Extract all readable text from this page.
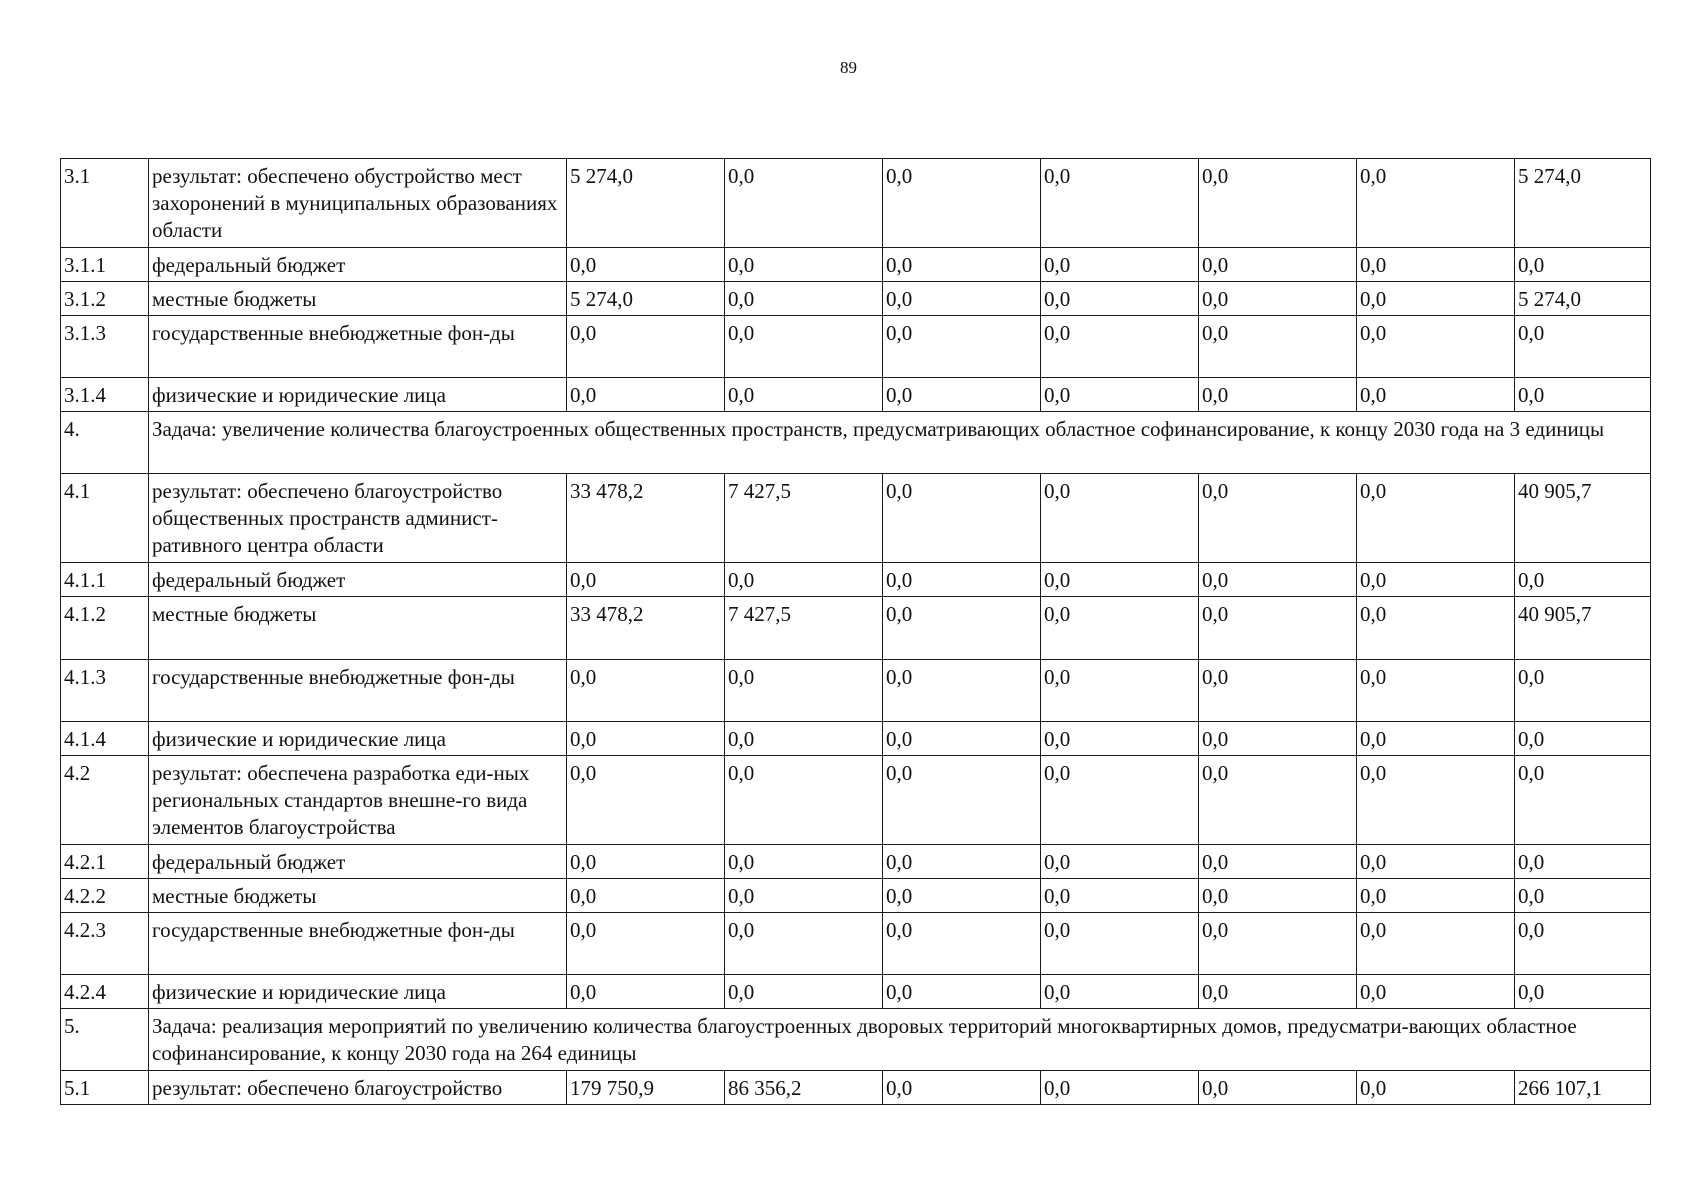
89
3.1	результат: обеспечено обустройство мест захоронений в муниципальных образованиях области	5 274,0	0,0	0,0	0,0	0,0	0,0	5 274,0
3.1.1	федеральный бюджет	0,0	0,0	0,0	0,0	0,0	0,0	0,0
3.1.2	местные бюджеты	5 274,0	0,0	0,0	0,0	0,0	0,0	5 274,0
3.1.3	государственные внебюджетные фон-ды	0,0	0,0	0,0	0,0	0,0	0,0	0,0
3.1.4	физические и юридические лица	0,0	0,0	0,0	0,0	0,0	0,0	0,0
4.	Задача: увеличение количества благоустроенных общественных пространств, предусматривающих областное софинансирование, к концу 2030 года на 3 единицы							
4.1	результат: обеспечено благоустройство общественных пространств админист-ративного центра области	33 478,2	7 427,5	0,0	0,0	0,0	0,0	40 905,7
4.1.1	федеральный бюджет	0,0	0,0	0,0	0,0	0,0	0,0	0,0
4.1.2	местные бюджеты	33 478,2	7 427,5	0,0	0,0	0,0	0,0	40 905,7
4.1.3	государственные внебюджетные фон-ды	0,0	0,0	0,0	0,0	0,0	0,0	0,0
4.1.4	физические и юридические лица	0,0	0,0	0,0	0,0	0,0	0,0	0,0
4.2	результат: обеспечена разработка еди-ных региональных стандартов внешне-го вида элементов благоустройства	0,0	0,0	0,0	0,0	0,0	0,0	0,0
4.2.1	федеральный бюджет	0,0	0,0	0,0	0,0	0,0	0,0	0,0
4.2.2	местные бюджеты	0,0	0,0	0,0	0,0	0,0	0,0	0,0
4.2.3	государственные внебюджетные фон-ды	0,0	0,0	0,0	0,0	0,0	0,0	0,0
4.2.4	физические и юридические лица	0,0	0,0	0,0	0,0	0,0	0,0	0,0
5.	Задача: реализация мероприятий по увеличению количества благоустроенных дворовых территорий многоквартирных домов, предусматри-вающих областное софинансирование, к концу 2030 года на 264 единицы							
5.1	результат: обеспечено благоустройство	179 750,9	86 356,2	0,0	0,0	0,0	0,0	266 107,1
